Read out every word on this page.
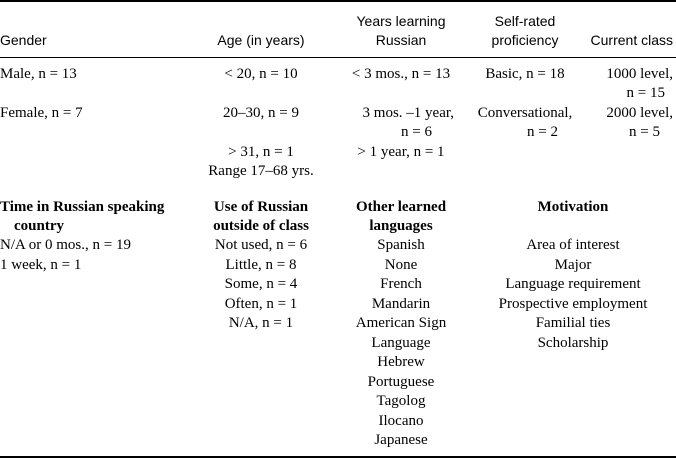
Gender	Age (in years)
Years learning
Russian
Self-rated
proficiency	Current class
Male, n = 13
Female, n = 7
< 20, n = 10
20–30, n = 9
> 31, n = 1
Range 17–68 yrs.
< 3 mos., n = 13
3 mos. –1 year,
n = 6
> 1 year, n = 1
Basic, n = 18
Conversational,
n = 2
1000 level,
n = 15
2000 level,
n = 5
Time in Russian speaking
country
Use of Russian
outside of class
Other learned
languages
Motivation
N/A or 0 mos., n = 19
1 week, n = 1
Not used, n = 6
Little, n = 8
Some, n = 4
Often, n = 1
N/A, n = 1
Spanish
None
French
Mandarin
American Sign
Language
Hebrew
Portuguese
Tagolog
Ilocano
Japanese
Area of interest
Major
Language requirement
Prospective employment
Familial ties
Scholarship
